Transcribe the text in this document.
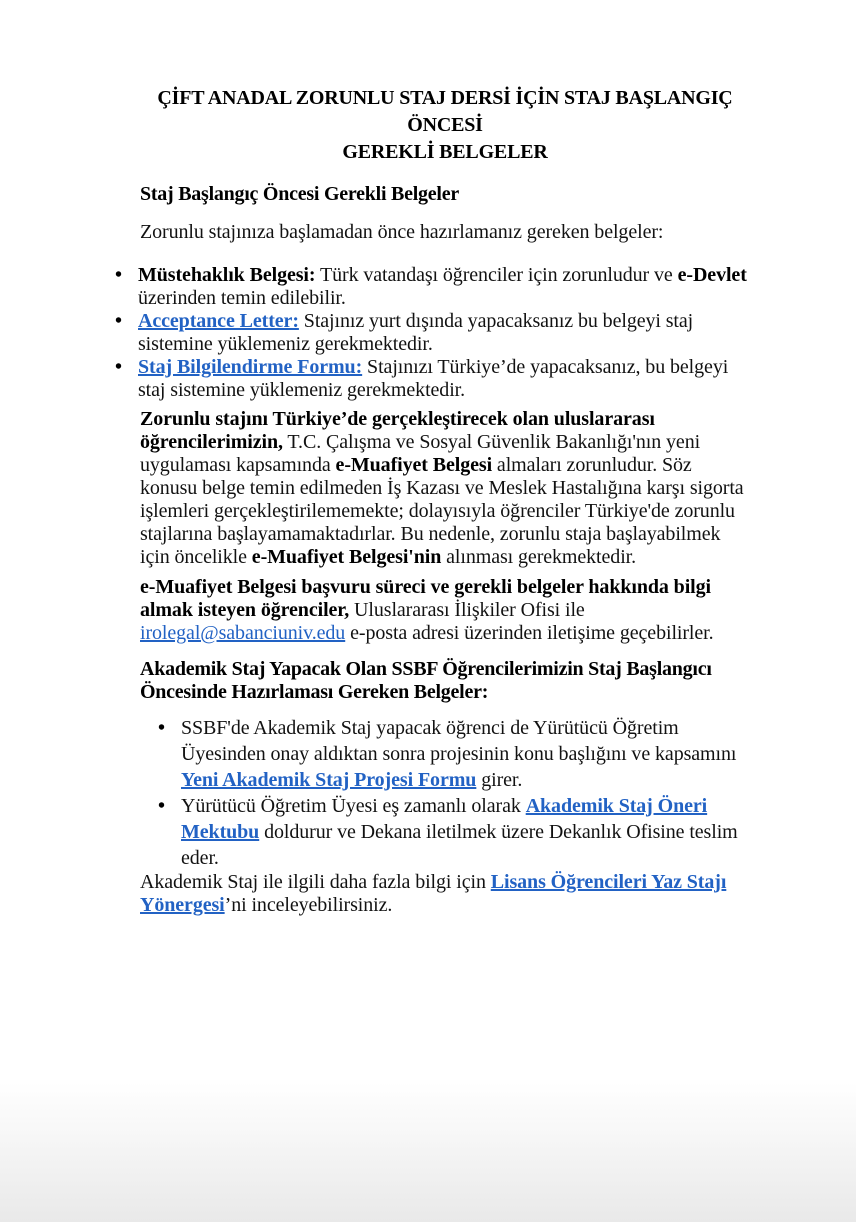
ÇİFT ANADAL ZORUNLU STAJ DERSİ İÇİN STAJ BAŞLANGIÇ ÖNCESİ
GEREKLİ BELGELER

Staj Başlangıç Öncesi Gerekli Belgeler

Zorunlu stajınıza başlamadan önce hazırlamanız gereken belgeler:

• Müstehaklık Belgesi: Türk vatandaşı öğrenciler için zorunludur ve e-Devlet üzerinden temin edilebilir.
• Acceptance Letter: Stajınız yurt dışında yapacaksanız bu belgeyi staj sistemine yüklemeniz gerekmektedir.
• Staj Bilgilendirme Formu: Stajınızı Türkiye’de yapacaksanız, bu belgeyi staj sistemine yüklemeniz gerekmektedir.

Zorunlu stajını Türkiye’de gerçekleştirecek olan uluslararası öğrencilerimizin, T.C. Çalışma ve Sosyal Güvenlik Bakanlığı'nın yeni uygulaması kapsamında e-Muafiyet Belgesi almaları zorunludur. Söz konusu belge temin edilmeden İş Kazası ve Meslek Hastalığına karşı sigorta işlemleri gerçekleştirilememekte; dolayısıyla öğrenciler Türkiye'de zorunlu stajlarına başlayamamaktadırlar. Bu nedenle, zorunlu staja başlayabilmek için öncelikle e-Muafiyet Belgesi'nin alınması gerekmektedir.

e-Muafiyet Belgesi başvuru süreci ve gerekli belgeler hakkında bilgi almak isteyen öğrenciler, Uluslararası İlişkiler Ofisi ile irolegal@sabanciuniv.edu e-posta adresi üzerinden iletişime geçebilirler.

Akademik Staj Yapacak Olan SSBF Öğrencilerimizin Staj Başlangıcı Öncesinde Hazırlaması Gereken Belgeler:

• SSBF'de Akademik Staj yapacak öğrenci de Yürütücü Öğretim Üyesinden onay aldıktan sonra projesinin konu başlığını ve kapsamını Yeni Akademik Staj Projesi Formu girer.
• Yürütücü Öğretim Üyesi eş zamanlı olarak Akademik Staj Öneri Mektubu doldurur ve Dekana iletilmek üzere Dekanlık Ofisine teslim eder.

Akademik Staj ile ilgili daha fazla bilgi için Lisans Öğrencileri Yaz Stajı Yönergesi’ni inceleyebilirsiniz.
